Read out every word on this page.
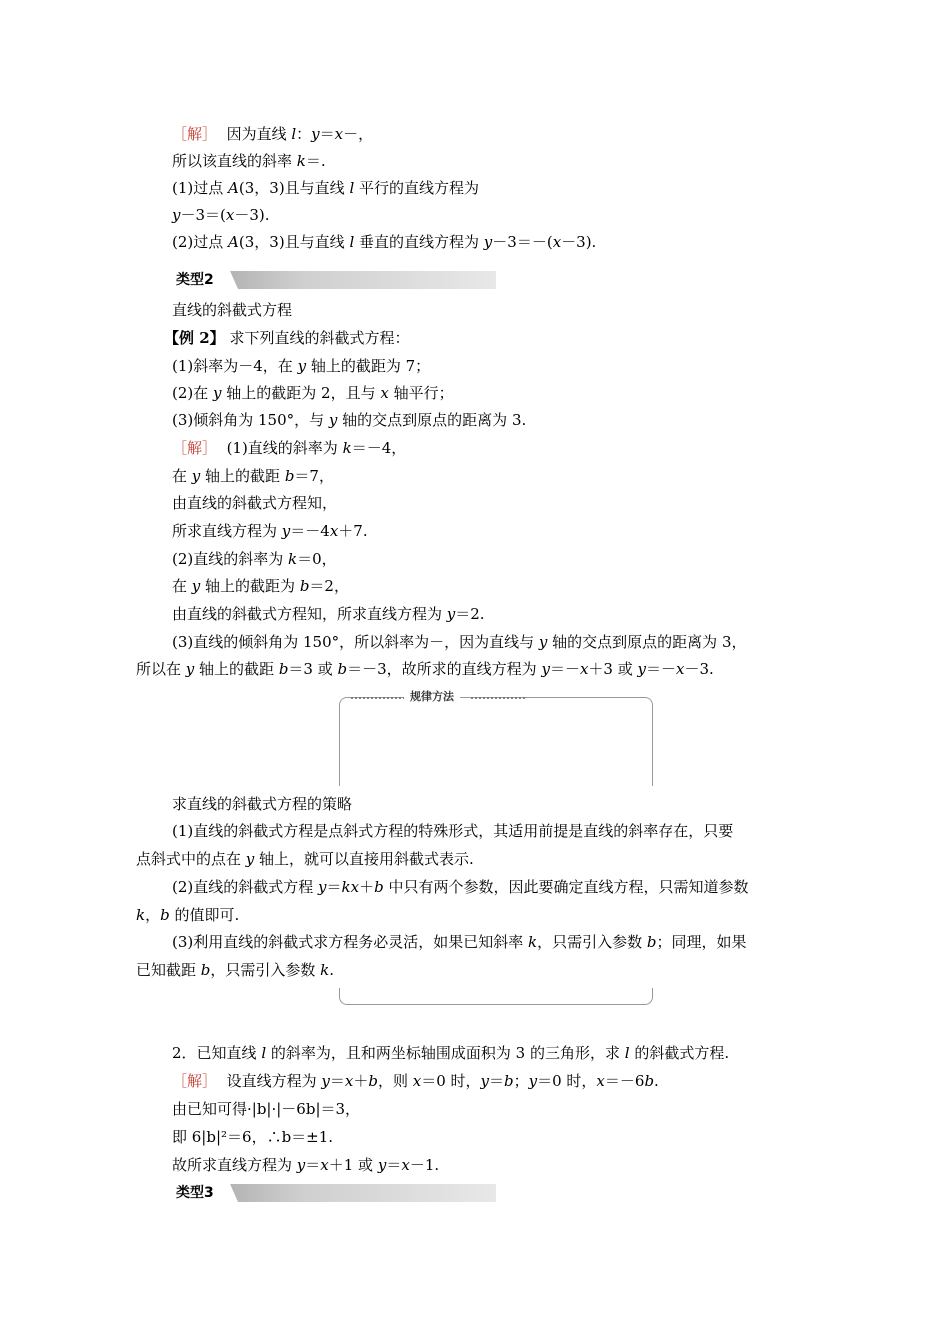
［解］ 因为直线 l：y＝x－，
所以该直线的斜率 k＝.
(1)过点 A(3，3)且与直线 l 平行的直线方程为
y－3＝(x－3).
(2)过点 A(3，3)且与直线 l 垂直的直线方程为 y－3＝－(x－3).
类型2
直线的斜截式方程
【例 2】 求下列直线的斜截式方程：
(1)斜率为－4，在 y 轴上的截距为 7；
(2)在 y 轴上的截距为 2，且与 x 轴平行；
(3)倾斜角为 150°，与 y 轴的交点到原点的距离为 3.
［解］ (1)直线的斜率为 k＝－4，
在 y 轴上的截距 b＝7，
由直线的斜截式方程知，
所求直线方程为 y＝－4x＋7.
(2)直线的斜率为 k＝0，
在 y 轴上的截距为 b＝2，
由直线的斜截式方程知，所求直线方程为 y＝2.
(3)直线的倾斜角为 150°，所以斜率为－，因为直线与 y 轴的交点到原点的距离为 3，
所以在 y 轴上的截距 b＝3 或 b＝－3，故所求的直线方程为 y＝－x＋3 或 y＝－x－3.
规律方法
求直线的斜截式方程的策略
(1)直线的斜截式方程是点斜式方程的特殊形式，其适用前提是直线的斜率存在，只要
点斜式中的点在 y 轴上，就可以直接用斜截式表示.
(2)直线的斜截式方程 y＝kx＋b 中只有两个参数，因此要确定直线方程，只需知道参数
k，b 的值即可.
(3)利用直线的斜截式求方程务必灵活，如果已知斜率 k，只需引入参数 b；同理，如果
已知截距 b，只需引入参数 k.
2．已知直线 l 的斜率为，且和两坐标轴围成面积为 3 的三角形，求 l 的斜截式方程.
［解］ 设直线方程为 y＝x＋b，则 x＝0 时，y＝b；y＝0 时，x＝－6b.
由已知可得·|b|·|－6b|＝3，
即 6|b|²＝6，∴b＝±1.
故所求直线方程为 y＝x＋1 或 y＝x－1.
类型3
